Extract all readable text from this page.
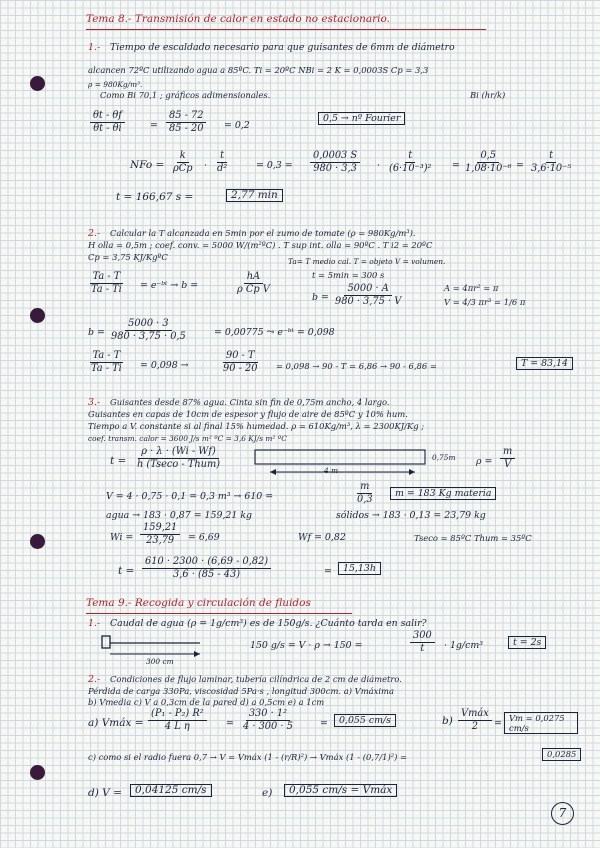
Tema 8.- Transmisión de calor en estado no estacionario.
1.- Tiempo de escaldado necesario para que guisantes de 6mm de diámetro
alcancen 72ºC utilizando agua a 85ºC. Ti = 20ºC NBi = 2 K = 0,0003S Cp = 3,3
ρ = 980Kg/m³.
Como Bi 70,1 ; gráficos adimensionales.	Bi (hr/k)
$\frac{\theta t - \theta f}{\theta t - \theta i}$	= $\frac{85 - 72}{85 - 20} = 0,2$
0,5 → nº Fourier
NFo =
k
ρCp	· $\frac{t}{\text{d²}}$	= $0,3 = \frac{0,0003 S}{980 \cdot 3,3} \cdot \frac{t}{\text{(6·10⁻³)²}} = \frac{0,5}{\text{1,08·10⁻⁶}} = \frac{t}{\text{3,6·10⁻⁵}}$
t = 166,67 s =	2,77 min
2.- Calcular la T alcanzada en 5min por el zumo de tomate (ρ = 980Kg/m³).
H olla = 0,5m ; coef. conv. = 5000 W/(m²ºC) . T sup int. olla = 90ºC . T i2 = 20ºC
Cp = 3,75 KJ/KgºC	Ta= T medio cal. T = objeto V = volumen.
$\frac{Ta - T}{Ta - Ti}$ = e⁻ᵇᵗ → b =	$\frac{hA}{\text{ρ Cp V}}$	t = 5min = 300 s
$b = \frac{5000 \cdot A}{980 \cdot 3,75 \cdot V}$	A = 4πr² = π
V = 4/3 πr³ = 1/6 π
$b = \frac{5000 \cdot 3}{980 \cdot 3,75 \cdot 0,5}$	= 0,00775 ⤳ e⁻ᵇᵗ = 0,098
$\frac{Ta - T}{Ta - Ti} = 0,098$ →	$\frac{90 - T}{90 - 20} = 0,098 \to 90 - T = 6,86 \to 90 - 6,86$ =	T = 83,14
3.- Guisantes desde 87% agua. Cinta sin fin de 0,75m ancho, 4 largo.
Guisantes en capas de 10cm de espesor y flujo de aire de 85ºC y 10% hum.
Tiempo a V. constante si al final 15% humedad. ρ = 610Kg/m³, λ = 2300KJ/Kg ;
coef. transm. calor = 3600 J/s m² ºC = 3,6 KJ/s m² ºC
t =
ρ · λ · (Wi - Wf)
h (Tseco - Thum)
0,75m
4 m
$\rho = \frac{m}{V}$
V = 4 · 0,75 · 0,1 = 0,3 m³ → 610 =	$\frac{m}{0,3}$	m = 183 Kg materia
agua → 183 · 0,87 = 159,21 kg	sólidos → 183 · 0,13 = 23,79 kg
$Wi = \frac{159,21}{23,79} = 6,69$	Wf = 0,82	Tseco = 85ºC Thum = 35ºC
$t = \frac{610 \cdot 2300 \cdot (6,69 - 0,82)}{3,6 \cdot (85 - 43)}$	=	15,13h
Tema 9.- Recogida y circulación de fluidos
1.- Caudal de agua (ρ = 1g/cm³) es de 150g/s. ¿Cuánto tarda en salir?
300 cm
150 g/s = V · ρ → 150 =	$\frac{300}{t} \cdot 1g/cm^3$	t = 2s
2.- Condiciones de flujo laminar, tubería cilíndrica de 2 cm de diámetro.
Pérdida de carga 330Pa, viscosidad 5Pa·s , longitud 300cm. a) Vmáxima
b) Vmedia c) V a 0,3cm de la pared d) a 0,5cm e) a 1cm
a) Vmáx = $\frac{\text{(P₁ - P₂) R²}}{\text{4 L η}} = \frac{\text{330 · 1²}}{4 \cdot 300 \cdot 5}$	=	0,055 cm/s	b)
Vmáx
2	= Vm = 0,0275 cm/s
c) como si el radio fuera 0,7 → V = Vmáx (1 - (r/R)²) → Vmáx (1 - (0,7/1)²) =	0,0285
d) V =	0,04125 cm/s	e)	0,055 cm/s = Vmáx
7
